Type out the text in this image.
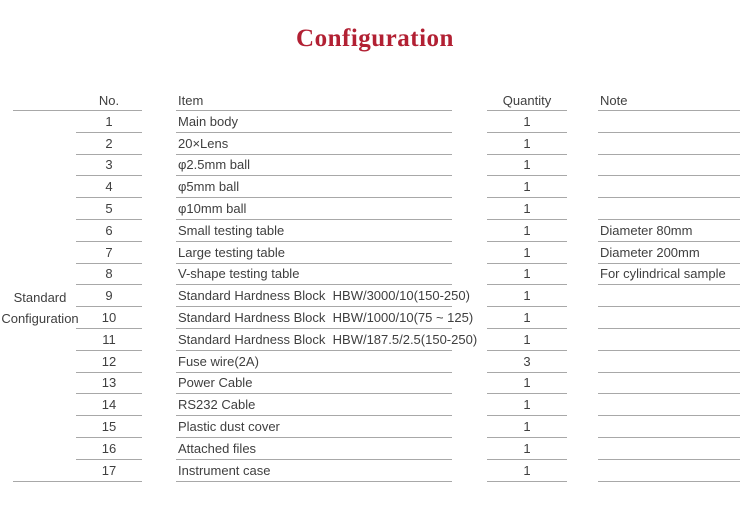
Configuration
Standard Configuration
No.	Item	Quantity	Note
1	Main body	1
2	20×Lens	1
3	φ2.5mm ball	1
4	φ5mm ball	1
5	φ10mm ball	1
6	Small testing table	1	Diameter 80mm
7	Large testing table	1	Diameter 200mm
8	V-shape testing table	1	For cylindrical sample
9	Standard Hardness Block  HBW/3000/10(150-250)	1
10	Standard Hardness Block  HBW/1000/10(75 ~ 125)	1
11	Standard Hardness Block  HBW/187.5/2.5(150-250)	1
12	Fuse wire(2A)	3
13	Power Cable	1
14	RS232 Cable	1
15	Plastic dust cover	1
16	Attached files	1
17	Instrument case	1
